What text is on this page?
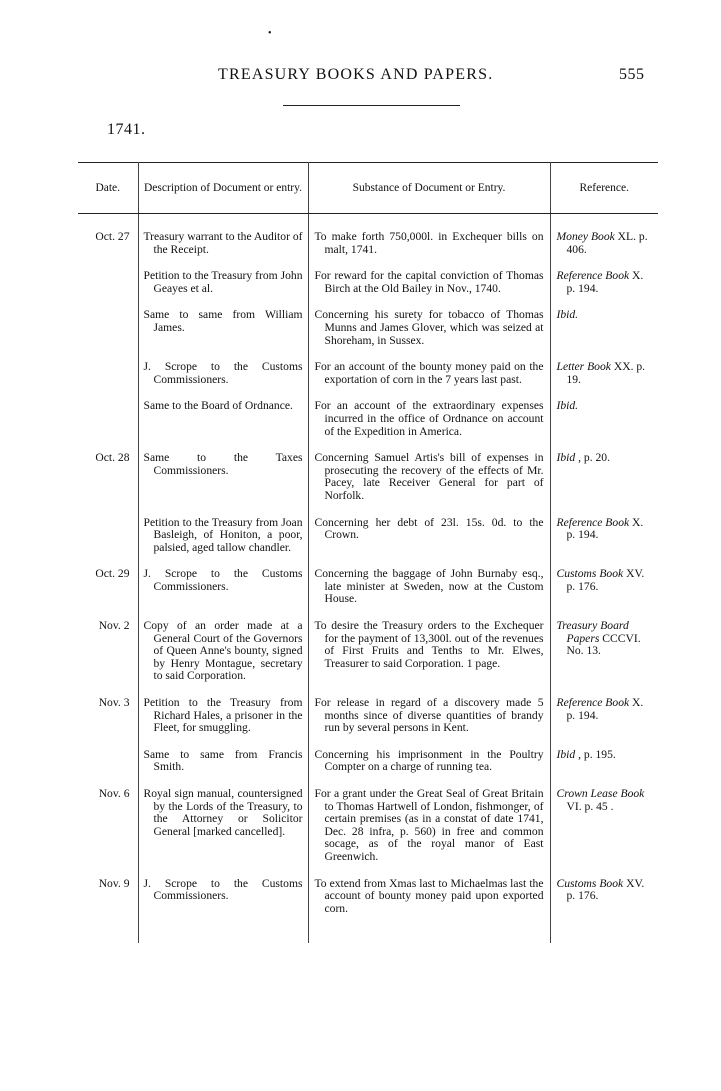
•
TREASURY BOOKS AND PAPERS.	555
1741.
Date.	Description of Document or entry.	Substance of Document or Entry.	Reference.

Oct. 27	Treasury warrant to the Auditor of the Receipt.	To make forth 750,000l. in Exchequer bills on malt, 1741.	Money Book XL. p. 406.

	Petition to the Treasury from John Geayes et al.	For reward for the capital conviction of Thomas Birch at the Old Bailey in Nov., 1740.	Reference Book X. p. 194.

	Same to same from William James.	Concerning his surety for tobacco of Thomas Munns and James Glover, which was seized at Shoreham, in Sussex.	Ibid.

	J. Scrope to the Customs Commissioners.	For an account of the bounty money paid on the exportation of corn in the 7 years last past.	Letter Book XX. p. 19.

	Same to the Board of Ordnance.	For an account of the extraordinary expenses incurred in the office of Ordnance on account of the Expedition in America.	Ibid.

Oct. 28	Same to the Taxes Commissioners.	Concerning Samuel Artis's bill of expenses in prosecuting the recovery of the effects of Mr. Pacey, late Receiver General for part of Norfolk.	Ibid , p. 20.

	Petition to the Treasury from Joan Basleigh, of Honiton, a poor, palsied, aged tallow chandler.	Concerning her debt of 23l. 15s. 0d. to the Crown.	Reference Book X. p. 194.

Oct. 29	J. Scrope to the Customs Commissioners.	Concerning the baggage of John Burnaby esq., late minister at Sweden, now at the Custom House.	Customs Book XV. p. 176.

Nov. 2	Copy of an order made at a General Court of the Governors of Queen Anne's bounty, signed by Henry Montague, secretary to said Corporation.	To desire the Treasury orders to the Exchequer for the payment of 13,300l. out of the revenues of First Fruits and Tenths to Mr. Elwes, Treasurer to said Corporation. 1 page.	Treasury Board Papers CCCVI. No. 13.

Nov. 3	Petition to the Treasury from Richard Hales, a prisoner in the Fleet, for smuggling.	For release in regard of a discovery made 5 months since of diverse quantities of brandy run by several persons in Kent.	Reference Book X. p. 194.

	Same to same from Francis Smith.	Concerning his imprisonment in the Poultry Compter on a charge of running tea.	Ibid , p. 195.

Nov. 6	Royal sign manual, countersigned by the Lords of the Treasury, to the Attorney or Solicitor General [marked cancelled].	For a grant under the Great Seal of Great Britain to Thomas Hartwell of London, fishmonger, of certain premises (as in a constat of date 1741, Dec. 28 infra, p. 560) in free and common socage, as of the royal manor of East Greenwich.	Crown Lease Book VI. p. 45 .

Nov. 9	J. Scrope to the Customs Commissioners.	To extend from Xmas last to Michaelmas last the account of bounty money paid upon exported corn.	Customs Book XV. p. 176.
